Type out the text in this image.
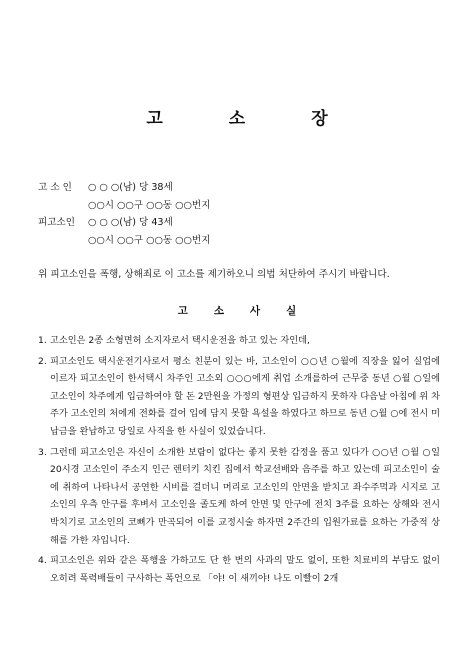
고	소	장
고 소 인 ○ ○ ○(남) 당 38세
○○시 ○○구 ○○동 ○○번지
피고소인 ○ ○ ○(남) 당 43세
○○시 ○○구 ○○동 ○○번지
위 피고소인을 폭행, 상해죄로 이 고소를 제기하오니 의법 처단하여 주시기 바랍니다.
고 소 사 실
1. 고소인은 2종 소형면허 소지자로서 택시운전을 하고 있는 자인데,
2. 피고소인도 택시운전기사로서 평소 친분이 있는 바, 고소인이 ○○년 ○월에 직장을 잃어 실업에 이르자 피고소인이 한서택시 차주인 고소외 ○○○에게 취업 소개를하여 근무중 동년 ○월 ○일에 고소인이 차주에게 입금하여야 할 돈 2만원을 가정의 형편상 입금하지 못하자 다음날 아침에 위 차주가 고소인의 처에게 전화를 걸어 입에 담지 못할 욕설을 하였다고 하므로 동년 ○월 ○에 전시 미납금을 완납하고 당일로 사직을 한 사실이 있었습니다.
3. 그런데 피고소인은 자신이 소개한 보람이 없다는 좋지 못한 감정을 품고 있다가 ○○년 ○월 ○일 20시경 고소인이 주소지 인근 렌터키 치킨 집에서 학교선배와 음주를 하고 있는데 피고소인이 술에 취하여 나타나서 공연한 시비를 걸더니 머리로 고소인의 안면을 받치고 좌수주먹과 시지로 고소인의 우측 안구를 후벼서 고소인을 졸도케 하여 안면 및 안구에 전치 3주를 요하는 상해와 전시박치기로 고소인의 코뼈가 만곡되어 이를 교정시술 하자면 2주간의 입원가료를 요하는 가중적 상해를 가한 자입니다.
4. 피고소인은 위와 같은 폭행을 가하고도 단 한 번의 사과의 말도 없이, 또한 치료비의 부담도 없이 오히려 폭력배들이 구사하는 폭언으로 「야! 이 새끼야! 나도 이빨이 2개
